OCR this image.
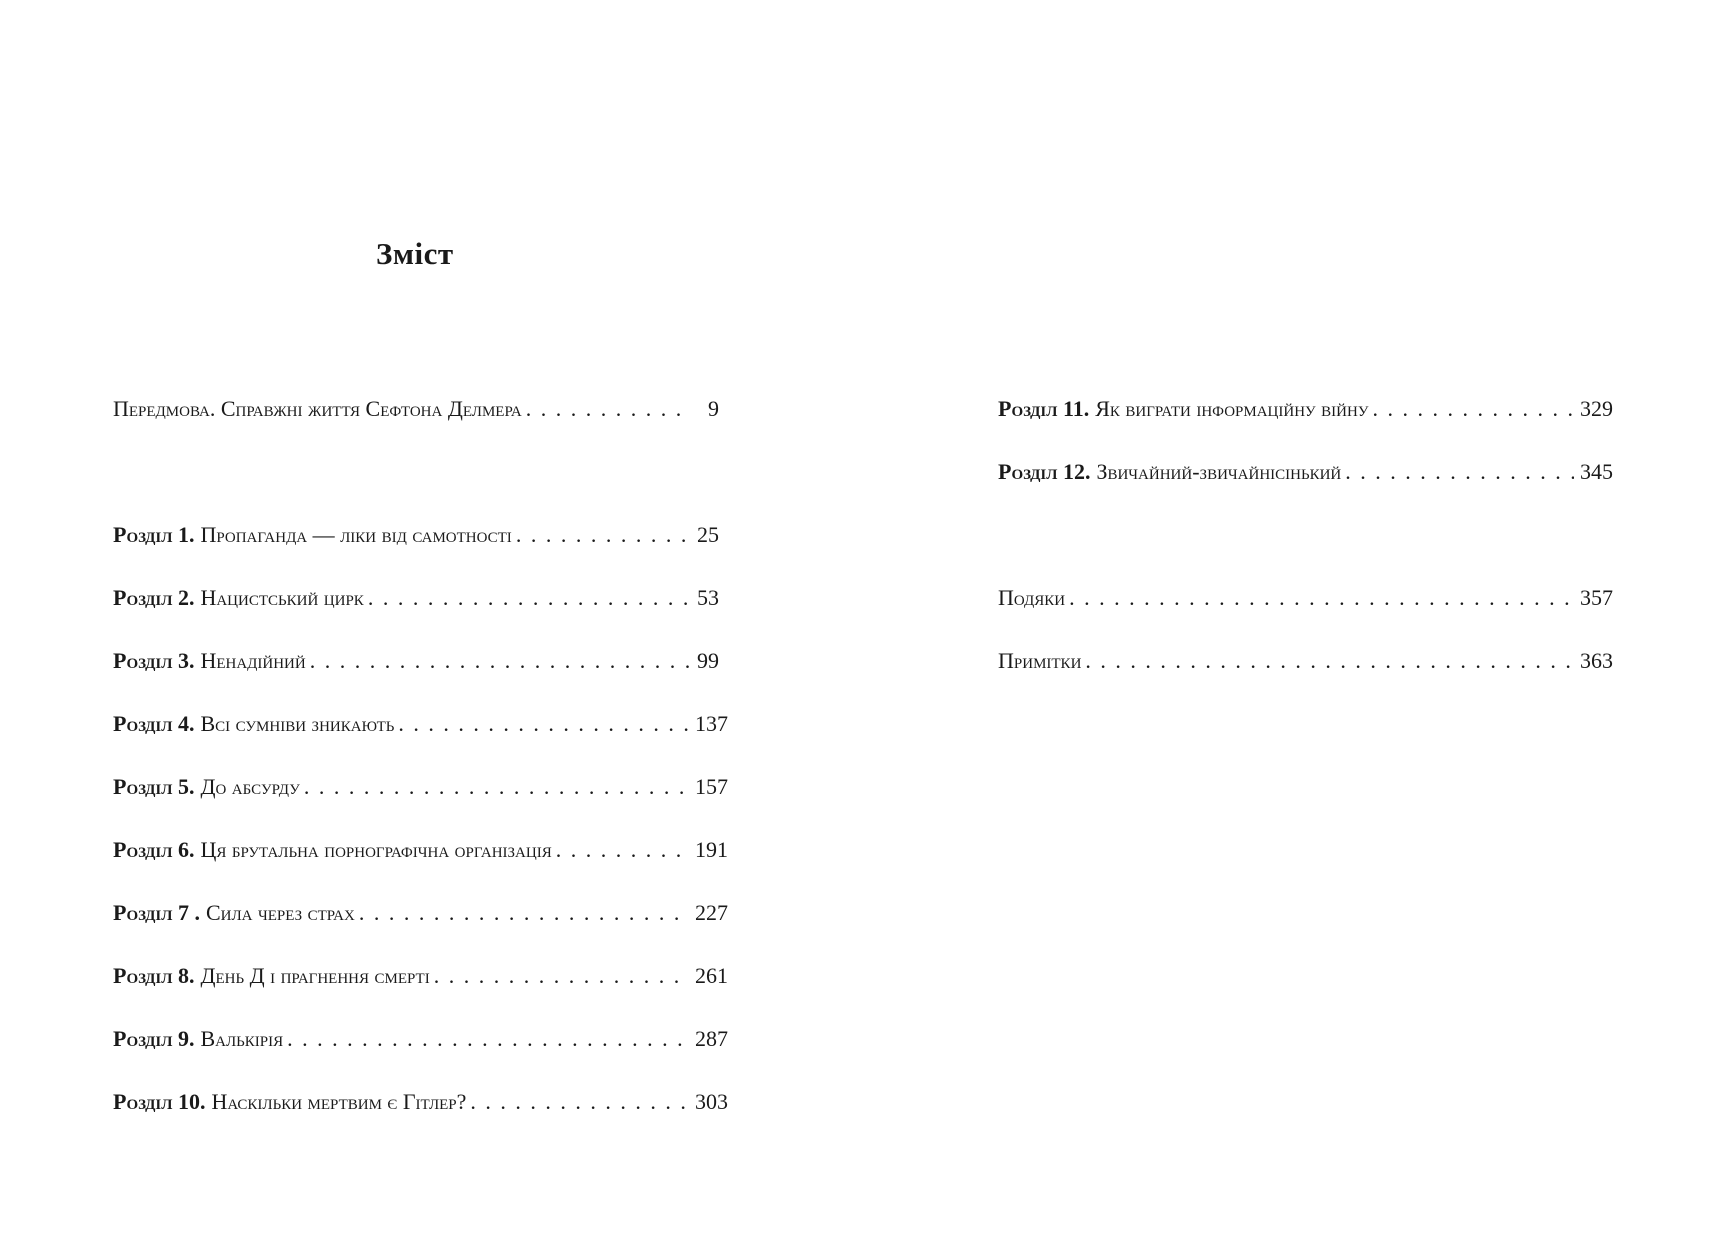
Зміст
Передмова. Справжні життя Сефтона Делмера . . .	9
Розділ 1. Пропаганда — ліки від самотності . . .	25
Розділ 2. Нацистський цирк . . .	53
Розділ 3. Ненадійний . . .	99
Розділ 4. Всі сумніви зникають . . .	137
Розділ 5. До абсурду . . .	157
Розділ 6. Ця брутальна порнографічна організація . . .	191
Розділ 7 . Сила через страх . . .	227
Розділ 8. День Д і прагнення смерті . . .	261
Розділ 9. Валькірія . . .	287
Розділ 10. Наскільки мертвим є Гітлер? . . .	303
Розділ 11. Як виграти інформаційну війну . . .	329
Розділ 12. Звичайний-звичайнісінький . . .	345
Подяки . . .	357
Примітки . . .	363
